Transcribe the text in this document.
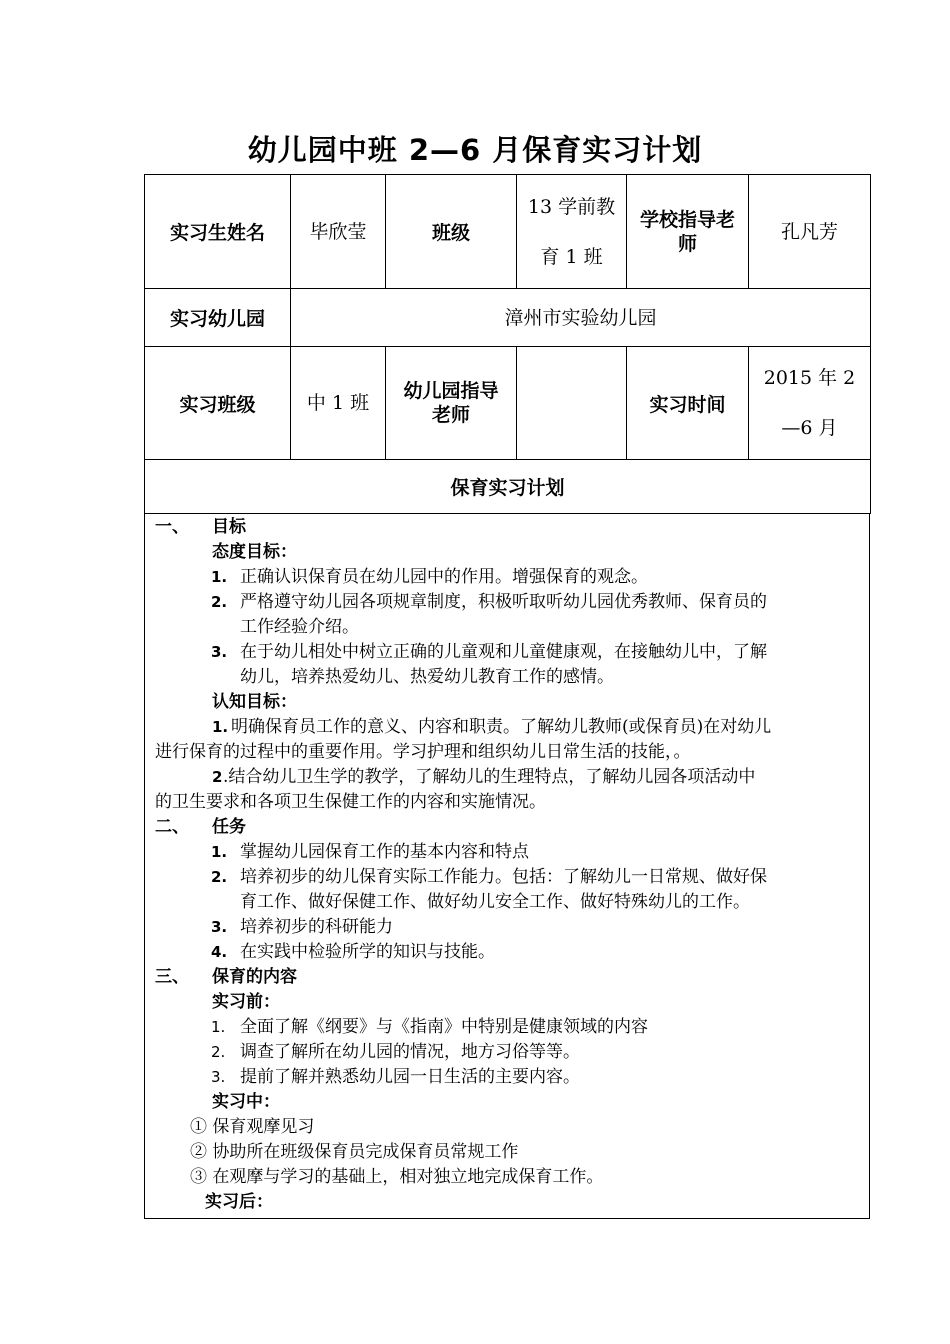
幼儿园中班 2—6 月保育实习计划
实习生姓名	毕欣莹	班级	13 学前教
育 1 班	学校指导老师	孔凡芳
实习幼儿园	漳州市实验幼儿园				
实习班级	中 1 班	幼儿园指导老师		实习时间	2015 年 2
—6 月

保育实习计划					
一、 目标
态度目标：
1. 正确认识保育员在幼儿园中的作用。增强保育的观念。
2. 严格遵守幼儿园各项规章制度，积极听取听幼儿园优秀教师、保育员的
工作经验介绍。
3. 在于幼儿相处中树立正确的儿童观和儿童健康观，在接触幼儿中，了解
幼儿，培养热爱幼儿、热爱幼儿教育工作的感情。
认知目标：
1. 明确保育员工作的意义、内容和职责。了解幼儿教师(或保育员)在对幼儿
进行保育的过程中的重要作用。学习护理和组织幼儿日常生活的技能，。
2 .结合幼儿卫生学的教学，了解幼儿的生理特点，了解幼儿园各项活动中
的卫生要求和各项卫生保健工作的内容和实施情况。
二、 任务
1. 掌握幼儿园保育工作的基本内容和特点
2. 培养初步的幼儿保育实际工作能力。包括：了解幼儿一日常规、做好保
育工作、做好保健工作、做好幼儿安全工作、做好特殊幼儿的工作。
3. 培养初步的科研能力
4. 在实践中检验所学的知识与技能。
三、 保育的内容
实习前：
1. 全面了解《纲要》与《指南》中特别是健康领域的内容
2. 调查了解所在幼儿园的情况，地方习俗等等。
3. 提前了解并熟悉幼儿园一日生活的主要内容。
实习中：
① 保育观摩见习
② 协助所在班级保育员完成保育员常规工作
③ 在观摩与学习的基础上，相对独立地完成保育工作。
实习后：
